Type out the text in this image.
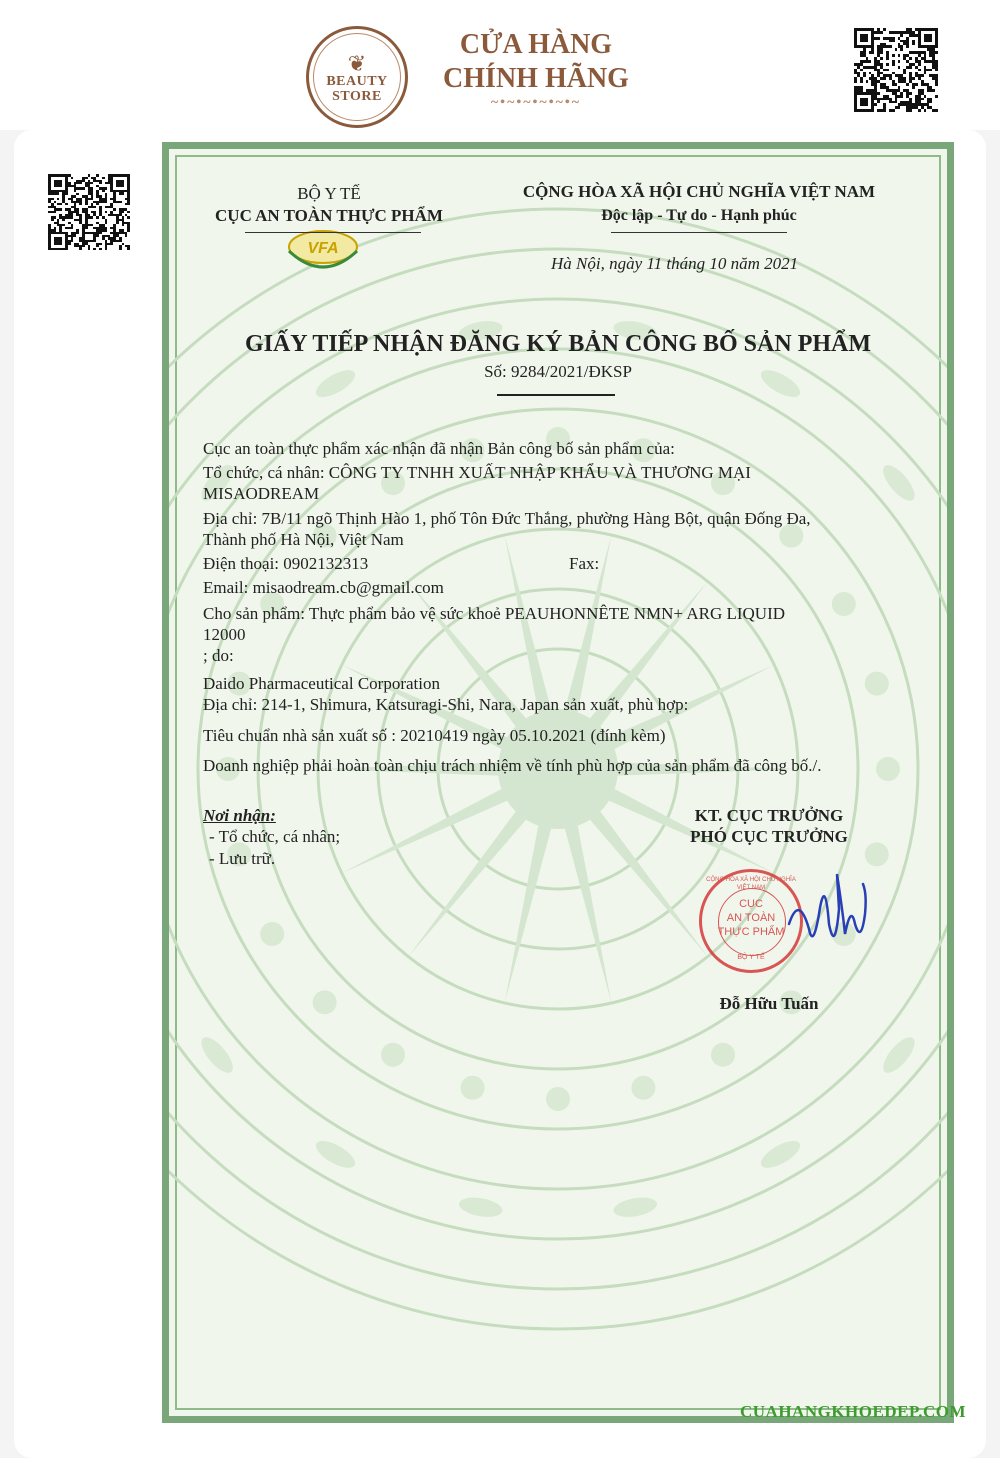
❦
BEAUTY
STORE
CỬA HÀNG
CHÍNH HÃNG
~•~•~•~•~•~
BỘ Y TẾ
CỤC AN TOÀN THỰC PHẨM
VFA
CỘNG HÒA XÃ HỘI CHỦ NGHĨA VIỆT NAM
Độc lập - Tự do - Hạnh phúc
Hà Nội, ngày 11 tháng 10 năm 2021
GIẤY TIẾP NHẬN ĐĂNG KÝ BẢN CÔNG BỐ SẢN PHẨM
Số: 9284/2021/ĐKSP
Cục an toàn thực phẩm xác nhận đã nhận Bản công bố sản phẩm của:
Tổ chức, cá nhân: CÔNG TY TNHH XUẤT NHẬP KHẨU VÀ THƯƠNG MẠI
MISAODREAM
Địa chỉ: 7B/11 ngõ Thịnh Hào 1, phố Tôn Đức Thắng, phường Hàng Bột, quận Đống Đa,
Thành phố Hà Nội, Việt Nam
Điện thoại: 0902132313	Fax:
Email: misaodream.cb@gmail.com
Cho sản phẩm: Thực phẩm bảo vệ sức khoẻ PEAUHONNÊTE NMN+ ARG LIQUID
12000
; do:
Daido Pharmaceutical Corporation
Địa chỉ: 214-1, Shimura, Katsuragi-Shi, Nara, Japan sản xuất, phù hợp:
Tiêu chuẩn nhà sản xuất số : 20210419 ngày 05.10.2021 (đính kèm)
Doanh nghiệp phải hoàn toàn chịu trách nhiệm về tính phù hợp của sản phẩm đã công bố./.
Nơi nhận:
- Tổ chức, cá nhân;
- Lưu trữ.
KT. CỤC TRƯỞNG
PHÓ CỤC TRƯỞNG
CỘNG HÒA XÃ HỘI CHỦ NGHĨA VIỆT NAM
CỤC
AN TOÀN
THỰC PHẨM
BỘ Y TẾ
Đỗ Hữu Tuấn
CUAHANGKHOEDEP.COM
